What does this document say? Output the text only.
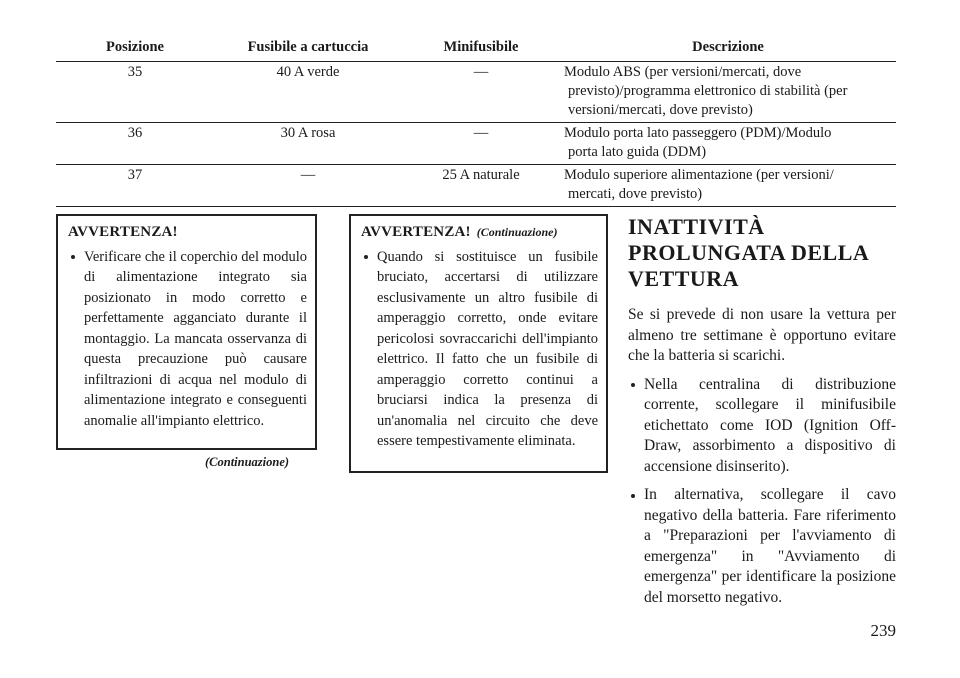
Posizione	Fusibile a cartuccia	Minifusibile	Descrizione
35	40 A verde	—	Modulo ABS (per versioni/mercati, dove
previsto)/programma elettronico di stabilità (per
versioni/mercati, dove previsto)

36	30 A rosa	—	Modulo porta lato passeggero (PDM)/Modulo
porta lato guida (DDM)

37	—	25 A naturale	Modulo superiore alimentazione (per versioni/
mercati, dove previsto)
AVVERTENZA!
Verificare che il coperchio del modulo di alimentazione integrato sia posizionato in modo corretto e perfettamente agganciato durante il montaggio. La mancata osservanza di questa precauzione può causare infiltrazioni di acqua nel modulo di alimentazione integrato e conseguenti anomalie all'impianto elettrico.
(Continuazione)
AVVERTENZA! (Continuazione)
Quando si sostituisce un fusibile bruciato, accertarsi di utilizzare esclusivamente un altro fusibile di amperaggio corretto, onde evitare pericolosi sovraccarichi dell'impianto elettrico. Il fatto che un fusibile di amperaggio corretto continui a bruciarsi indica la presenza di un'anomalia nel circuito che deve essere tempestivamente eliminata.
INATTIVITÀ
PROLUNGATA DELLA
VETTURA

Se si prevede di non usare la vettura per almeno tre settimane è opportuno evitare che la batteria si scarichi.

Nella centralina di distribuzione corrente, scollegare il minifusibile etichettato come IOD (Ignition Off-Draw, assorbimento a dispositivo di accensione disinserito).
In alternativa, scollegare il cavo negativo della batteria. Fare riferimento a "Preparazioni per l'avviamento di emergenza" in "Avviamento di emergenza" per identificare la posizione del morsetto negativo.
239
